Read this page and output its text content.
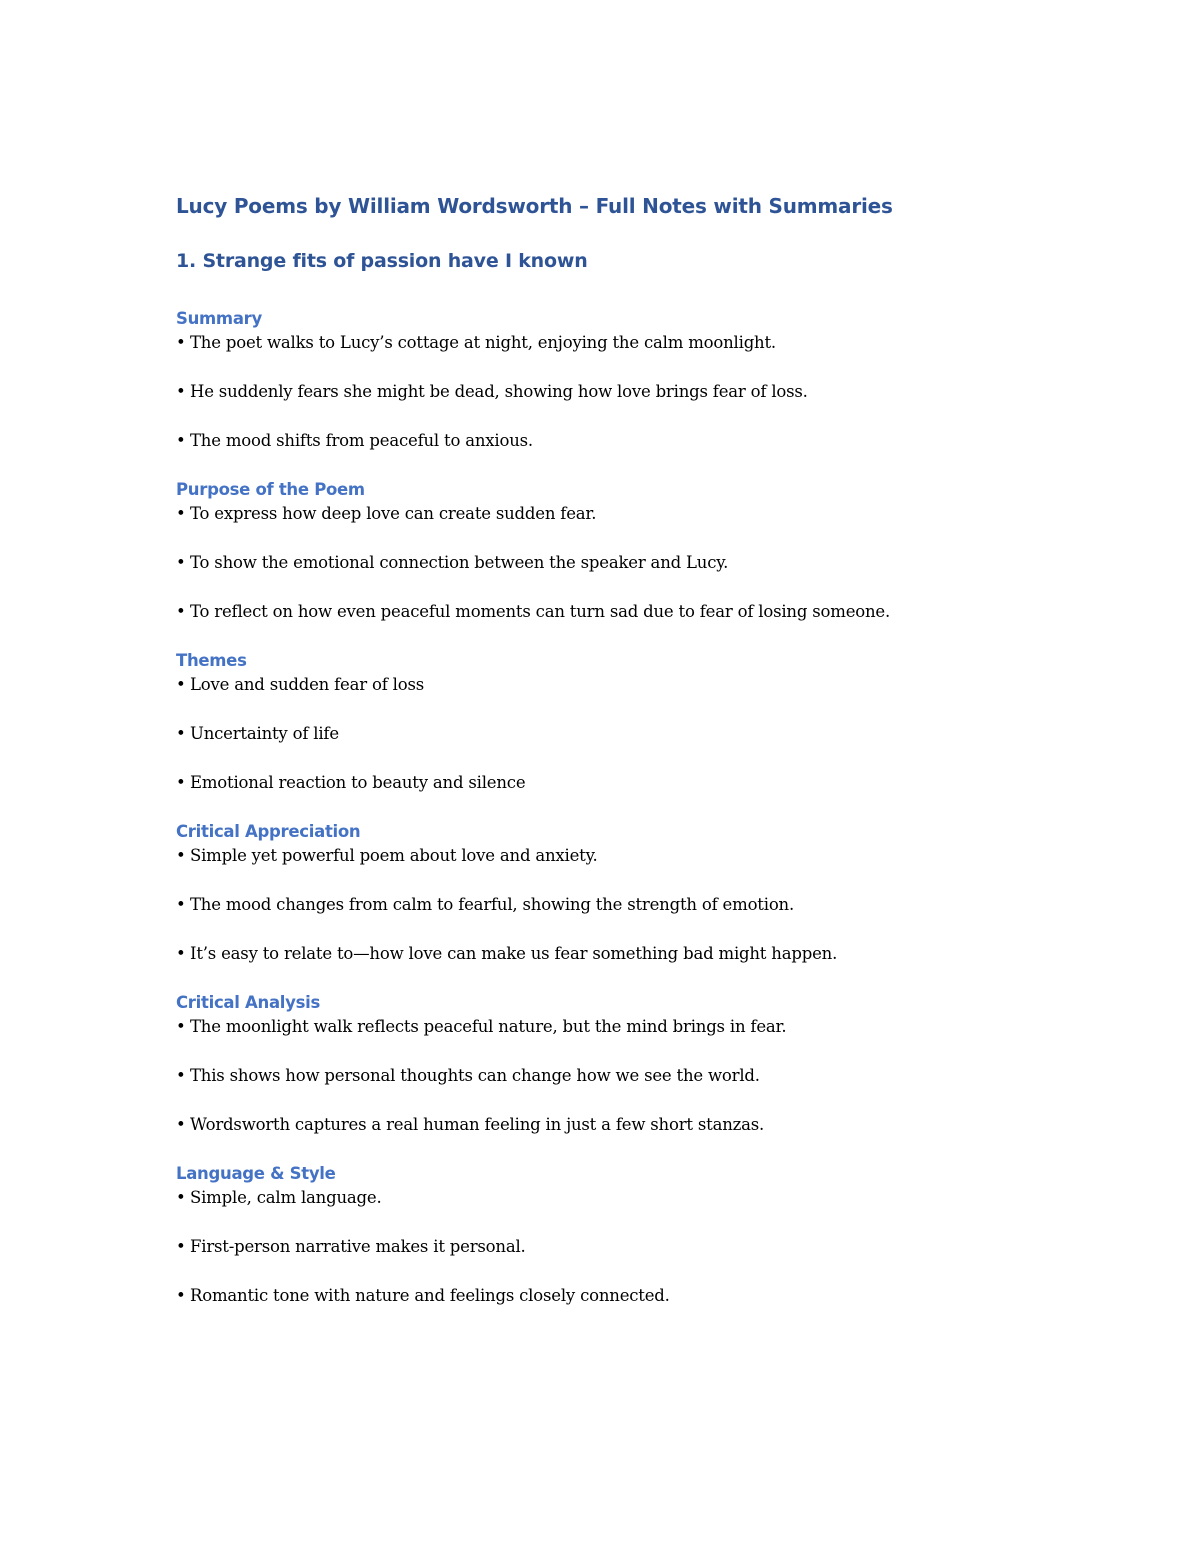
Lucy Poems by William Wordsworth – Full Notes with Summaries
1. Strange fits of passion have I known
Summary

• The poet walks to Lucy’s cottage at night, enjoying the calm moonlight.

• He suddenly fears she might be dead, showing how love brings fear of loss.

• The mood shifts from peaceful to anxious.

Purpose of the Poem

• To express how deep love can create sudden fear.

• To show the emotional connection between the speaker and Lucy.

• To reflect on how even peaceful moments can turn sad due to fear of losing someone.

Themes

• Love and sudden fear of loss

• Uncertainty of life

• Emotional reaction to beauty and silence

Critical Appreciation

• Simple yet powerful poem about love and anxiety.

• The mood changes from calm to fearful, showing the strength of emotion.

• It’s easy to relate to—how love can make us fear something bad might happen.

Critical Analysis

• The moonlight walk reflects peaceful nature, but the mind brings in fear.

• This shows how personal thoughts can change how we see the world.

• Wordsworth captures a real human feeling in just a few short stanzas.

Language & Style

• Simple, calm language.

• First-person narrative makes it personal.

• Romantic tone with nature and feelings closely connected.
